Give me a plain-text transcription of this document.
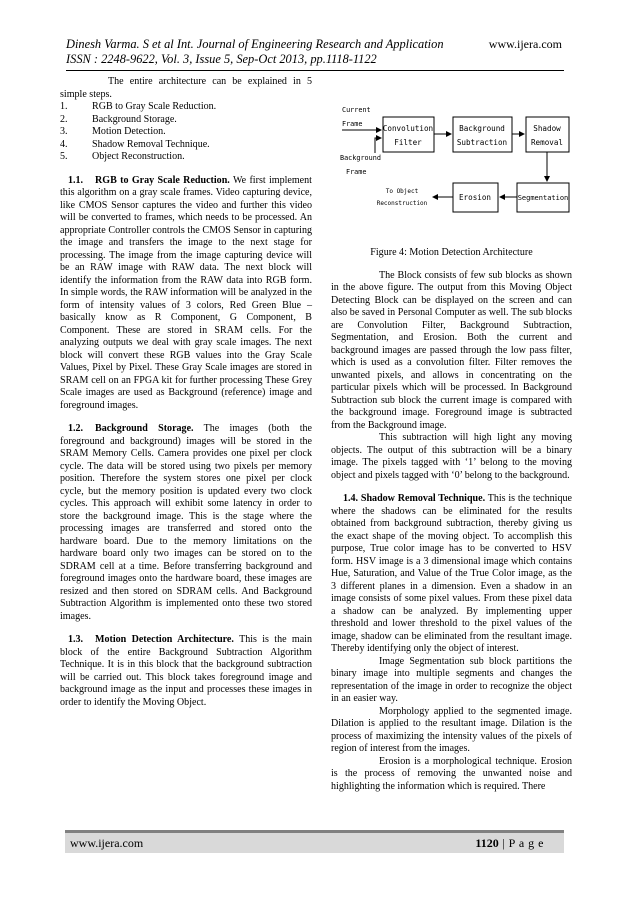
Dinesh Varma. S et al Int. Journal of Engineering Research and Application	www.ijera.com
ISSN : 2248-9622, Vol. 3, Issue 5, Sep-Oct 2013, pp.1118-1122

The entire architecture can be explained in 5 simple steps.

1.	RGB to Gray Scale Reduction.
2.	Background Storage.
3.	Motion Detection.
4.	Shadow Removal Technique.
5.	Object Reconstruction.

1.1. RGB to Gray Scale Reduction. We first implement this algorithm on a gray scale frames. Video capturing device, like CMOS Sensor captures the video and further this video will be converted to frames, which needs to be processed. An appropriate Controller controls the CMOS Sensor in capturing the image and transfers the image to the next stage for processing. The image from the image capturing device will be an RAW image with RAW data. The next block will identify the information from the RAW data into RGB form. In simple words, the RAW information will be analyzed in the form of intensity values of 3 colors, Red Green Blue – basically know as R Component, G Component, B Component. These are stored in SRAM cells. For the analyzing outputs we deal with gray scale images. The next block will convert these RGB values into the Gray Scale Values, Pixel by Pixel. These Gray Scale images are stored in SRAM cell on an FPGA kit for further processing These Grey Scale images are used as Background (reference) image and foreground images.

1.2. Background Storage. The images (both the foreground and background) images will be stored in the SRAM Memory Cells. Camera provides one pixel per clock cycle. The data will be stored using two pixels per memory position. Therefore the system stores one pixel per clock cycle, but the memory position is updated every two clock cycles. This approach will exhibit some latency in order to store the background image. This is the stage where the processing images are transferred and stored onto the hardware board. Due to the memory limitations on the hardware board only two images can be stored on to the SDRAM cell at a time. Before transferring background and foreground images onto the hardware board, these images are resized and then stored on SDRAM cells. And Background Subtraction Algorithm is implemented onto these two stored images.

1.3. Motion Detection Architecture. This is the main block of the entire Background Subtraction Algorithm Technique. It is in this block that the background subtraction will be carried out. This block takes foreground image and background image as the input and processes these images in order to identify the Moving Object.

Current
Frame
Background
Frame
Convolution
Filter
Background
Subtraction
Shadow
Removal
Erosion	Segmentation
To Object
Reconstruction

Figure 4: Motion Detection Architecture

The Block consists of few sub blocks as shown in the above figure. The output from this Moving Object Detecting Block can be displayed on the screen and can also be saved in Personal Computer as well. The sub blocks are Convolution Filter, Background Subtraction, Segmentation, and Erosion. Both the current and background images are passed through the low pass filter, which is used as a convolution filter. Filter removes the unwanted pixels, and allows in concentrating on the particular pixels which will be processed. In Background Subtraction sub block the current image is compared with the background image. Foreground image is subtracted from the Background image.

This subtraction will high light any moving objects. The output of this subtraction will be a binary image. The pixels tagged with ‘1’ belong to the moving object and pixels tagged with ‘0’ belong to the background.

1.4. Shadow Removal Technique. This is the technique where the shadows can be eliminated for the results obtained from background subtraction, thereby giving us the exact shape of the moving object. To accomplish this purpose, True color image has to be converted to HSV form. HSV image is a 3 dimensional image which contains Hue, Saturation, and Value of the True Color image, as the 3 different planes in a dimension. Even a shadow in an image consists of some pixel values. From these pixel data a shadow can be analyzed. By implementing upper threshold and lower threshold to the pixel values of the image, shadow can be eliminated from the resultant image. Thereby identifying only the object of interest.

Image Segmentation sub block partitions the binary image into multiple segments and changes the representation of the image in order to recognize the object in an easier way.

Morphology applied to the segmented image. Dilation is applied to the resultant image. Dilation is the process of maximizing the intensity values of the pixels of region of interest from the images.

Erosion is a morphological technique. Erosion is the process of removing the unwanted noise and highlighting the information which is required. There

www.ijera.com	1120 | P a g e
